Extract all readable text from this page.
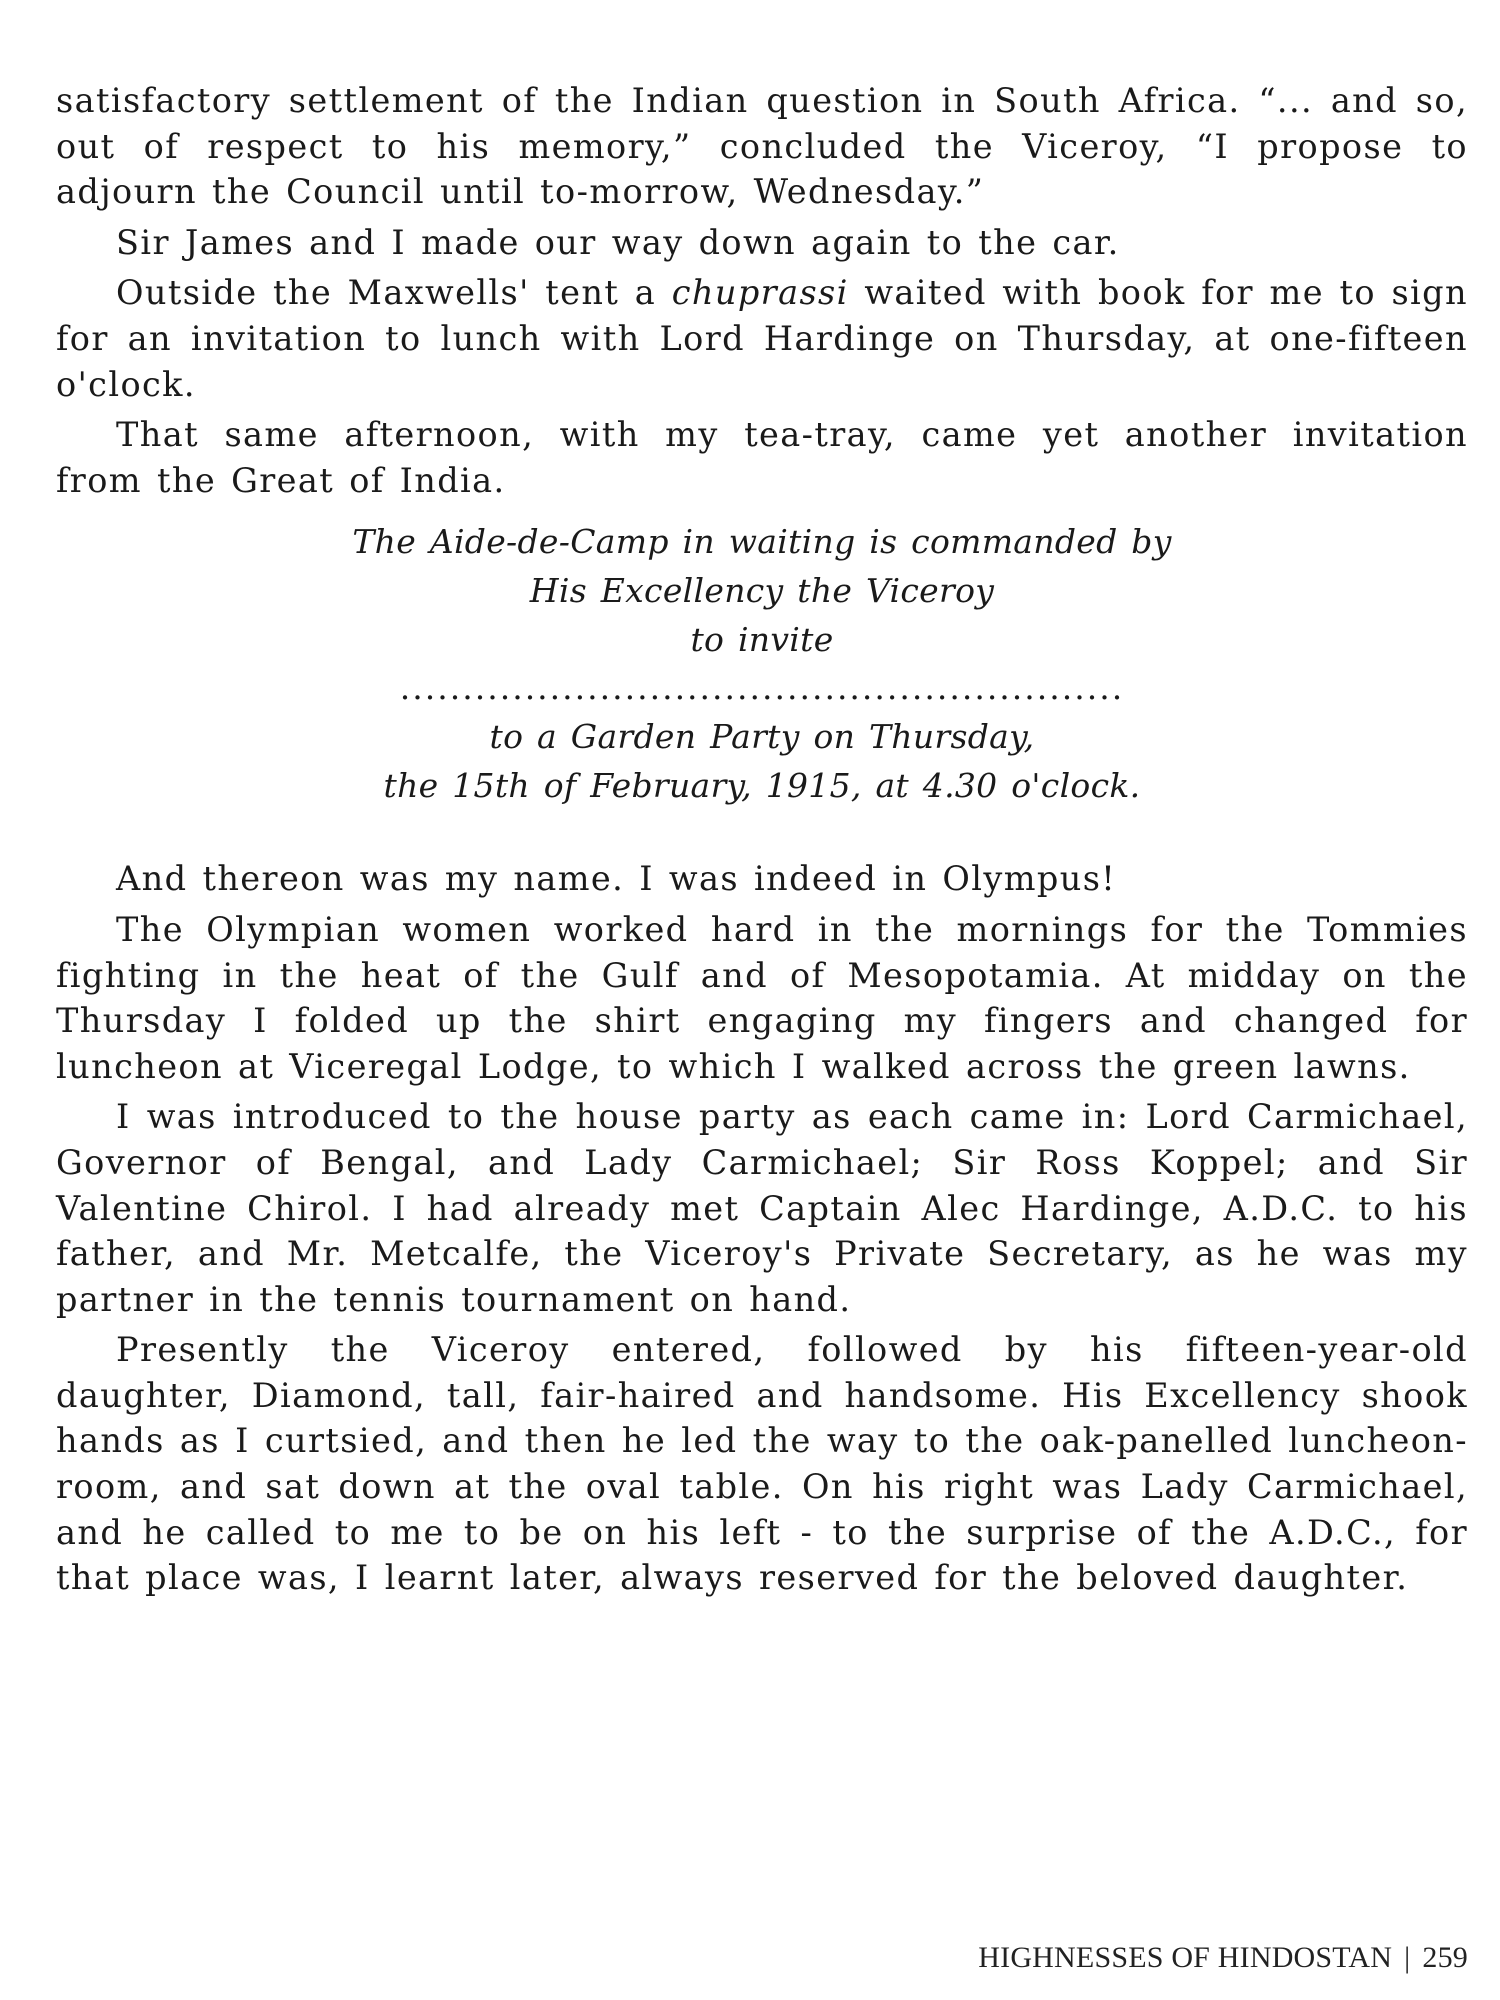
satisfactory settlement of the Indian question in South Africa. “... and so, out of respect to his memory,” concluded the Viceroy, “I propose to adjourn the Council until to-morrow, Wednesday.”

Sir James and I made our way down again to the car.

Outside the Maxwells' tent a chuprassi waited with book for me to sign for an invitation to lunch with Lord Hardinge on Thursday, at one-fifteen o'clock.

That same afternoon, with my tea-tray, came yet another invitation from the Great of India.

The Aide-de-Camp in waiting is commanded by
His Excellency the Viceroy
to invite
..........................................................
to a Garden Party on Thursday,
the 15th of February, 1915, at 4.30 o'clock.

And thereon was my name. I was indeed in Olympus!

The Olympian women worked hard in the mornings for the Tommies fighting in the heat of the Gulf and of Mesopotamia. At midday on the Thursday I folded up the shirt engaging my fingers and changed for luncheon at Viceregal Lodge, to which I walked across the green lawns.

I was introduced to the house party as each came in: Lord Carmichael, Governor of Bengal, and Lady Carmichael; Sir Ross Koppel; and Sir Valentine Chirol. I had already met Captain Alec Hardinge, A.D.C. to his father, and Mr. Metcalfe, the Viceroy's Private Secretary, as he was my partner in the tennis tournament on hand.

Presently the Viceroy entered, followed by his fifteen-year-old daughter, Diamond, tall, fair-haired and handsome. His Excellency shook hands as I curtsied, and then he led the way to the oak-panelled luncheon-room, and sat down at the oval table. On his right was Lady Carmichael, and he called to me to be on his left - to the surprise of the A.D.C., for that place was, I learnt later, always reserved for the beloved daughter.

HIGHNESSES OF HINDOSTAN | 259
